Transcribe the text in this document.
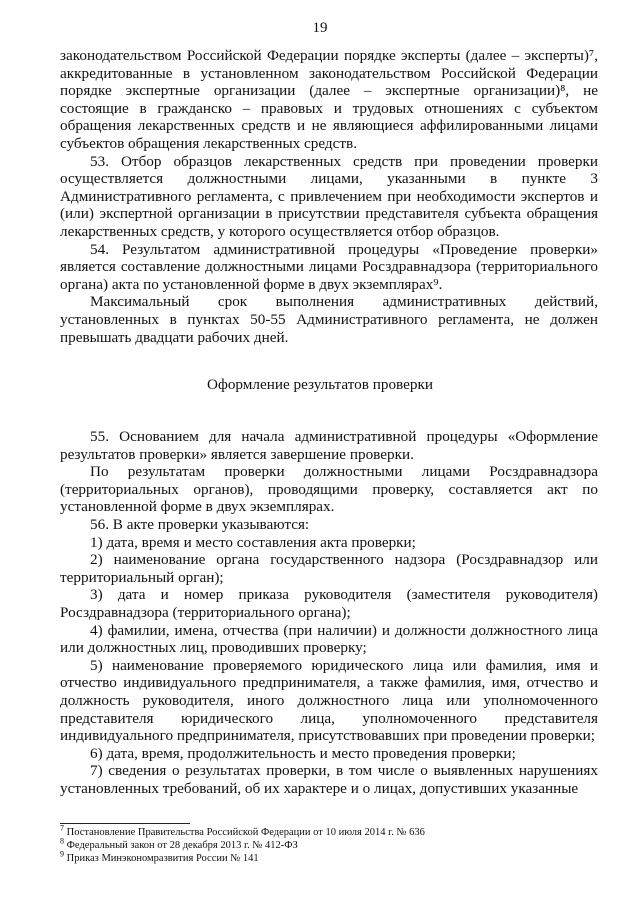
19

законодательством Российской Федерации порядке эксперты (далее – эксперты)⁷, аккредитованные в установленном законодательством Российской Федерации порядке экспертные организации (далее – экспертные организации)⁸, не состоящие в гражданско – правовых и трудовых отношениях с субъектом обращения лекарственных средств и не являющиеся аффилированными лицами субъектов обращения лекарственных средств.

53. Отбор образцов лекарственных средств при проведении проверки осуществляется должностными лицами, указанными в пункте 3 Административного регламента, с привлечением при необходимости экспертов и (или) экспертной организации в присутствии представителя субъекта обращения лекарственных средств, у которого осуществляется отбор образцов.

54. Результатом административной процедуры «Проведение проверки» является составление должностными лицами Росздравнадзора (территориального органа) акта по установленной форме в двух экземплярах⁹.

Максимальный срок выполнения административных действий, установленных в пунктах 50-55 Административного регламента, не должен превышать двадцати рабочих дней.

Оформление результатов проверки

55. Основанием для начала административной процедуры «Оформление результатов проверки» является завершение проверки.

По результатам проверки должностными лицами Росздравнадзора (территориальных органов), проводящими проверку, составляется акт по установленной форме в двух экземплярах.

56. В акте проверки указываются:

1) дата, время и место составления акта проверки;

2) наименование органа государственного надзора (Росздравнадзор или территориальный орган);

3) дата и номер приказа руководителя (заместителя руководителя) Росздравнадзора (территориального органа);

4) фамилии, имена, отчества (при наличии) и должности должностного лица или должностных лиц, проводивших проверку;

5) наименование проверяемого юридического лица или фамилия, имя и отчество индивидуального предпринимателя, а также фамилия, имя, отчество и должность руководителя, иного должностного лица или уполномоченного представителя юридического лица, уполномоченного представителя индивидуального предпринимателя, присутствовавших при проведении проверки;

6) дата, время, продолжительность и место проведения проверки;

7) сведения о результатах проверки, в том числе о выявленных нарушениях установленных требований, об их характере и о лицах, допустивших указанные

$^7$ Постановление Правительства Российской Федерации от 10 июля 2014 г. № 636
$^8$ Федеральный закон от 28 декабря 2013 г. № 412-ФЗ
$^9$ Приказ Минэкономразвития России № 141
